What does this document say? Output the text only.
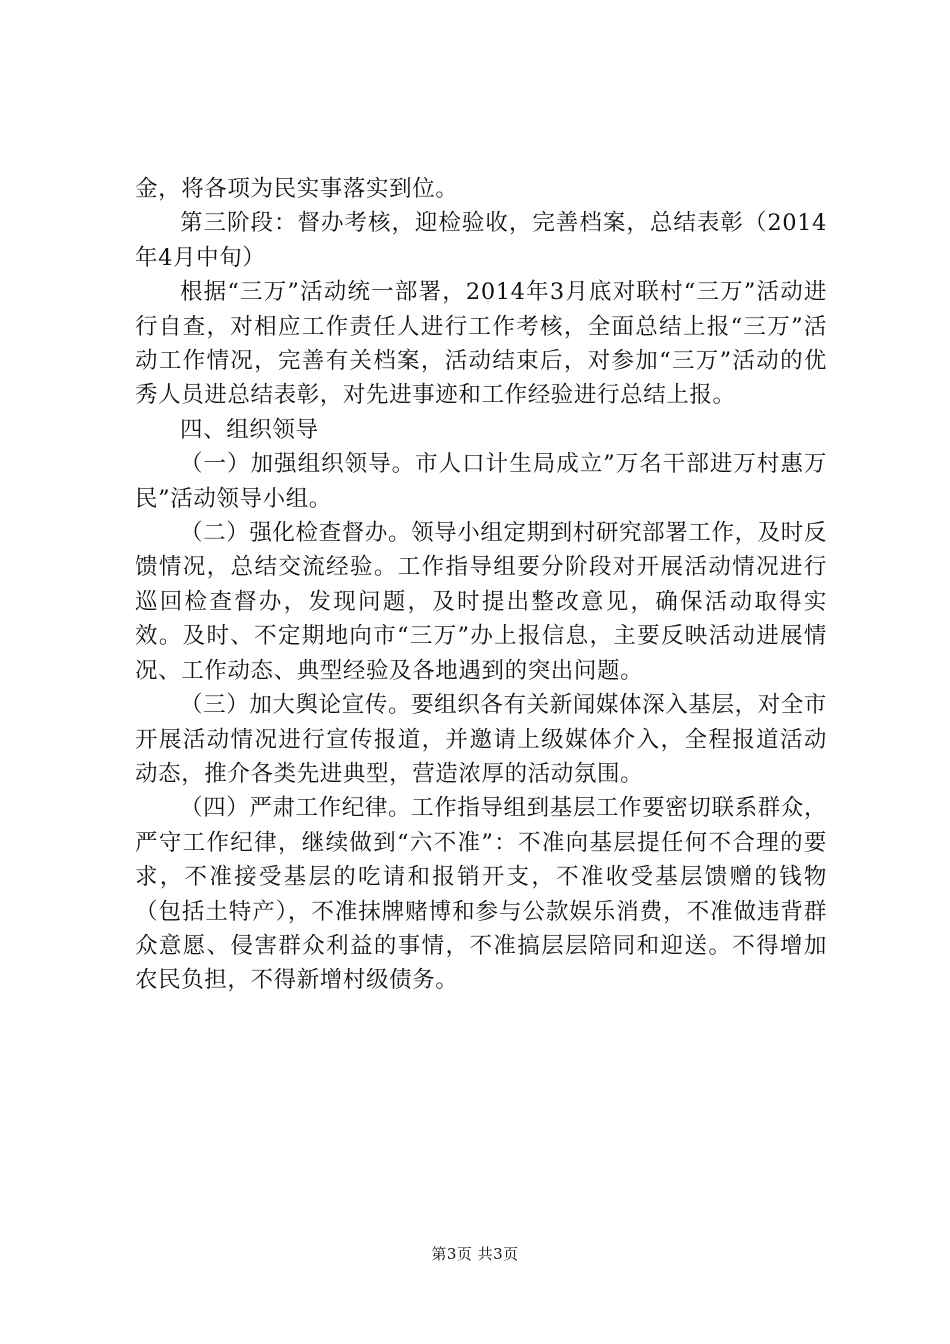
金，将各项为民实事落实到位。

第三阶段：督办考核，迎检验收，完善档案，总结表彰（2014年4月中旬）

根据“三万”活动统一部署，2014年3月底对联村“三万”活动进行自查，对相应工作责任人进行工作考核，全面总结上报“三万”活动工作情况，完善有关档案，活动结束后，对参加“三万”活动的优秀人员进总结表彰，对先进事迹和工作经验进行总结上报。

四、组织领导

（一）加强组织领导。市人口计生局成立”万名干部进万村惠万民”活动领导小组。

（二）强化检查督办。领导小组定期到村研究部署工作，及时反馈情况，总结交流经验。工作指导组要分阶段对开展活动情况进行巡回检查督办，发现问题，及时提出整改意见，确保活动取得实效。及时、不定期地向市“三万”办上报信息，主要反映活动进展情况、工作动态、典型经验及各地遇到的突出问题。

（三）加大舆论宣传。要组织各有关新闻媒体深入基层，对全市开展活动情况进行宣传报道，并邀请上级媒体介入，全程报道活动动态，推介各类先进典型，营造浓厚的活动氛围。

（四）严肃工作纪律。工作指导组到基层工作要密切联系群众，严守工作纪律，继续做到“六不准”：不准向基层提任何不合理的要求，不准接受基层的吃请和报销开支，不准收受基层馈赠的钱物（包括土特产），不准抹牌赌博和参与公款娱乐消费，不准做违背群众意愿、侵害群众利益的事情，不准搞层层陪同和迎送。不得增加农民负担，不得新增村级债务。

第3页 共3页
